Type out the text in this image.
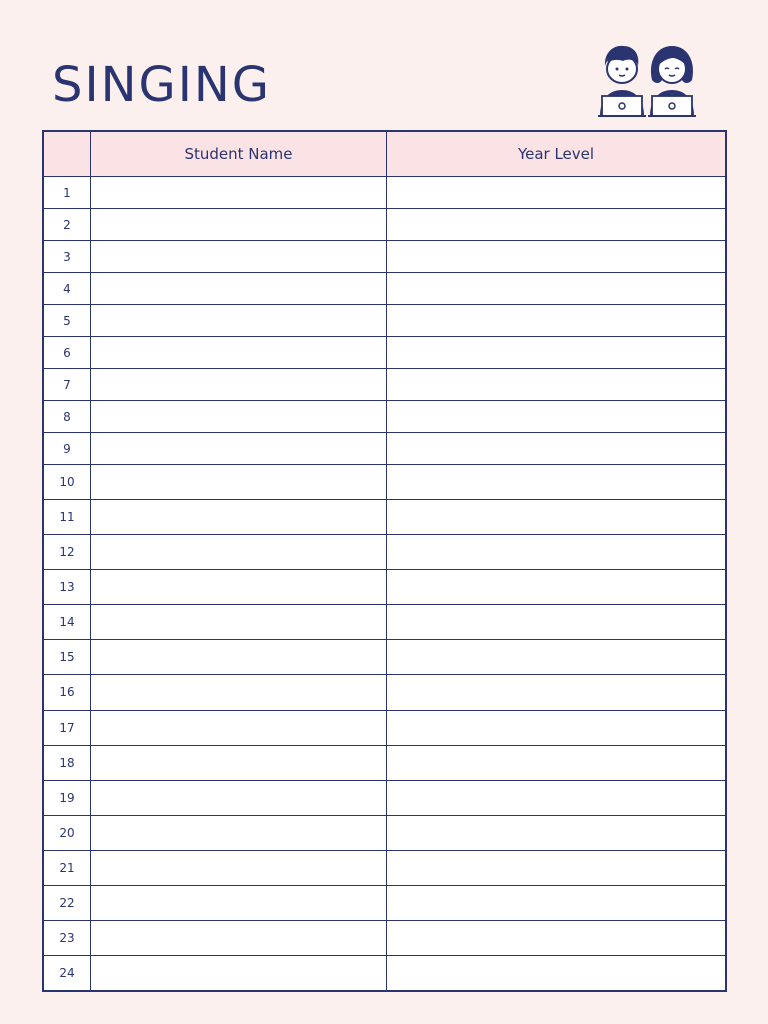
SINGING
	Student Name	Year Level
1		
2		
3		
4		
5		
6		
7		
8		
9		
10		
11		
12		
13		
14		
15		
16		
17		
18		
19		
20		
21		
22		
23		
24		
